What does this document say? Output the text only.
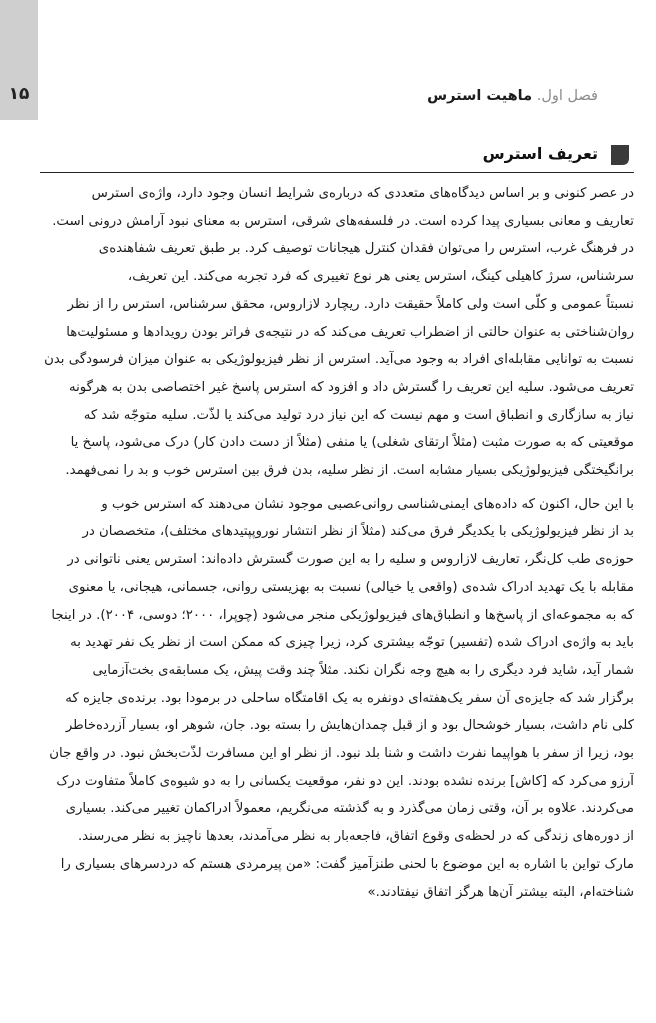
۱۵	فصل اول. ماهیت استرس
تعریف استرس

در عصر کنونی و بر اساس دیدگاه‌های متعددی که درباره‌ی شرایط انسان وجود دارد، واژه‌ی استرس
تعاریف و معانی بسیاری پیدا کرده است. در فلسفه‌های شرقی، استرس به معنای نبود آرامش درونی است.
در فرهنگ غرب، استرس را می‌توان فقدان کنترل هیجانات توصیف کرد. بر طبق تعریف شفاهنده‌ی
سرشناس، سرژ کاهیلی کینگ، استرس یعنی هر نوع تغییری که فرد تجربه می‌کند. این تعریف،
نسبتاً عمومی و کلّی است ولی کاملاً حقیقت دارد. ریچارد لازاروس، محقق سرشناس، استرس را از نظر
روان‌شناختی به عنوان حالتی از اضطراب تعریف می‌کند که در نتیجه‌ی فراتر بودن رویدادها و مسئولیت‌ها
نسبت به توانایی مقابله‌ای افراد به وجود می‌آید. استرس از نظر فیزیولوژیکی به عنوان میزان فرسودگی بدن
تعریف می‌شود. سلیه این تعریف را گسترش داد و افزود که استرس پاسخ غیر اختصاصی بدن به هرگونه
نیاز به سازگاری و انطباق است و مهم نیست که این نیاز درد تولید می‌کند یا لذّت. سلیه متوجّه شد که
موقعیتی که به صورت مثبت (مثلاً ارتقای شغلی) یا منفی (مثلاً از دست دادن کار) درک می‌شود، پاسخ یا
برانگیختگی فیزیولوژیکی بسیار مشابه است. از نظر سلیه، بدن فرق بین استرس خوب و بد را نمی‌فهمد.

با این حال، اکنون که داده‌های ایمنی‌شناسی روانی‌عصبی موجود نشان می‌دهند که استرس خوب و
بد از نظر فیزیولوژیکی با یکدیگر فرق می‌کند (مثلاً از نظر انتشار نوروپپتیدهای مختلف)، متخصصان در
حوزه‌ی طب کل‌نگر، تعاریف لازاروس و سلیه را به این صورت گسترش داده‌اند: استرس یعنی ناتوانی در
مقابله با یک تهدید ادراک شده‌ی (واقعی یا خیالی) نسبت به بهزیستی روانی، جسمانی، هیجانی، یا معنوی
که به مجموعه‌ای از پاسخ‌ها و انطباق‌های فیزیولوژیکی منجر می‌شود (چوپرا، ۲۰۰۰؛ دوسی، ۲۰۰۴). در اینجا
باید به واژه‌ی ادراک شده (تفسیر) توجّه بیشتری کرد، زیرا چیزی که ممکن است از نظر یک نفر تهدید به
شمار آید، شاید فرد دیگری را به هیچ وجه نگران نکند. مثلاً چند وقت پیش، یک مسابقه‌ی بخت‌آزمایی
برگزار شد که جایزه‌ی آن سفر یک‌هفته‌ای دونفره به یک اقامتگاه ساحلی در برمودا بود. برنده‌ی جایزه که
کلی نام داشت، بسیار خوشحال بود و از قبل چمدان‌هایش را بسته بود. جان، شوهر او، بسیار آزرده‌خاطر
بود، زیرا از سفر با هواپیما نفرت داشت و شنا بلد نبود. از نظر او این مسافرت لذّت‌بخش نبود. در واقع جان
آرزو می‌کرد که [کاش] برنده نشده بودند. این دو نفر، موقعیت یکسانی را به دو شیوه‌ی کاملاً متفاوت درک
می‌کردند. علاوه بر آن، وقتی زمان می‌گذرد و به گذشته می‌نگریم، معمولاً ادراکمان تغییر می‌کند. بسیاری
از دوره‌های زندگی که در لحظه‌ی وقوع اتفاق، فاجعه‌بار به نظر می‌آمدند، بعدها ناچیز به نظر می‌رسند.
مارک تواین با اشاره به این موضوع با لحنی طنزآمیز گفت: «من پیرمردی هستم که دردسرهای بسیاری را
شناخته‌ام، البته بیشتر آن‌ها هرگز اتفاق نیفتادند.»
